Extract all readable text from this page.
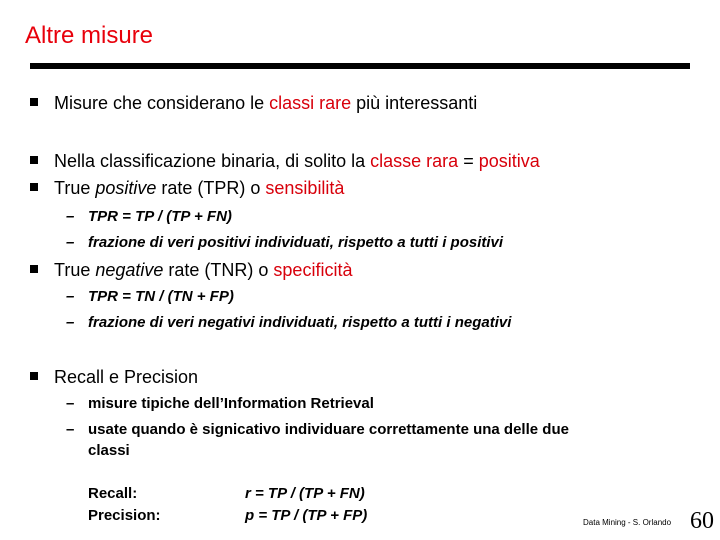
Altre misure
Misure che considerano le classi rare più interessanti
Nella classificazione binaria, di solito la classe rara = positiva
True positive rate (TPR) o sensibilità
– TPR = TP / (TP + FN)
– frazione di veri positivi individuati, rispetto a tutti i positivi
True negative rate (TNR) o specificità
– TPR = TN / (TN + FP)
– frazione di veri negativi individuati, rispetto a tutti i negativi
Recall e Precision
– misure tipiche dell’Information Retrieval
– usate quando è signicativo individuare correttamente una delle due
classi
Recall:
Precision:
r = TP / (TP + FN)
p = TP / (TP + FP)	Data Mining - S. Orlando 60
